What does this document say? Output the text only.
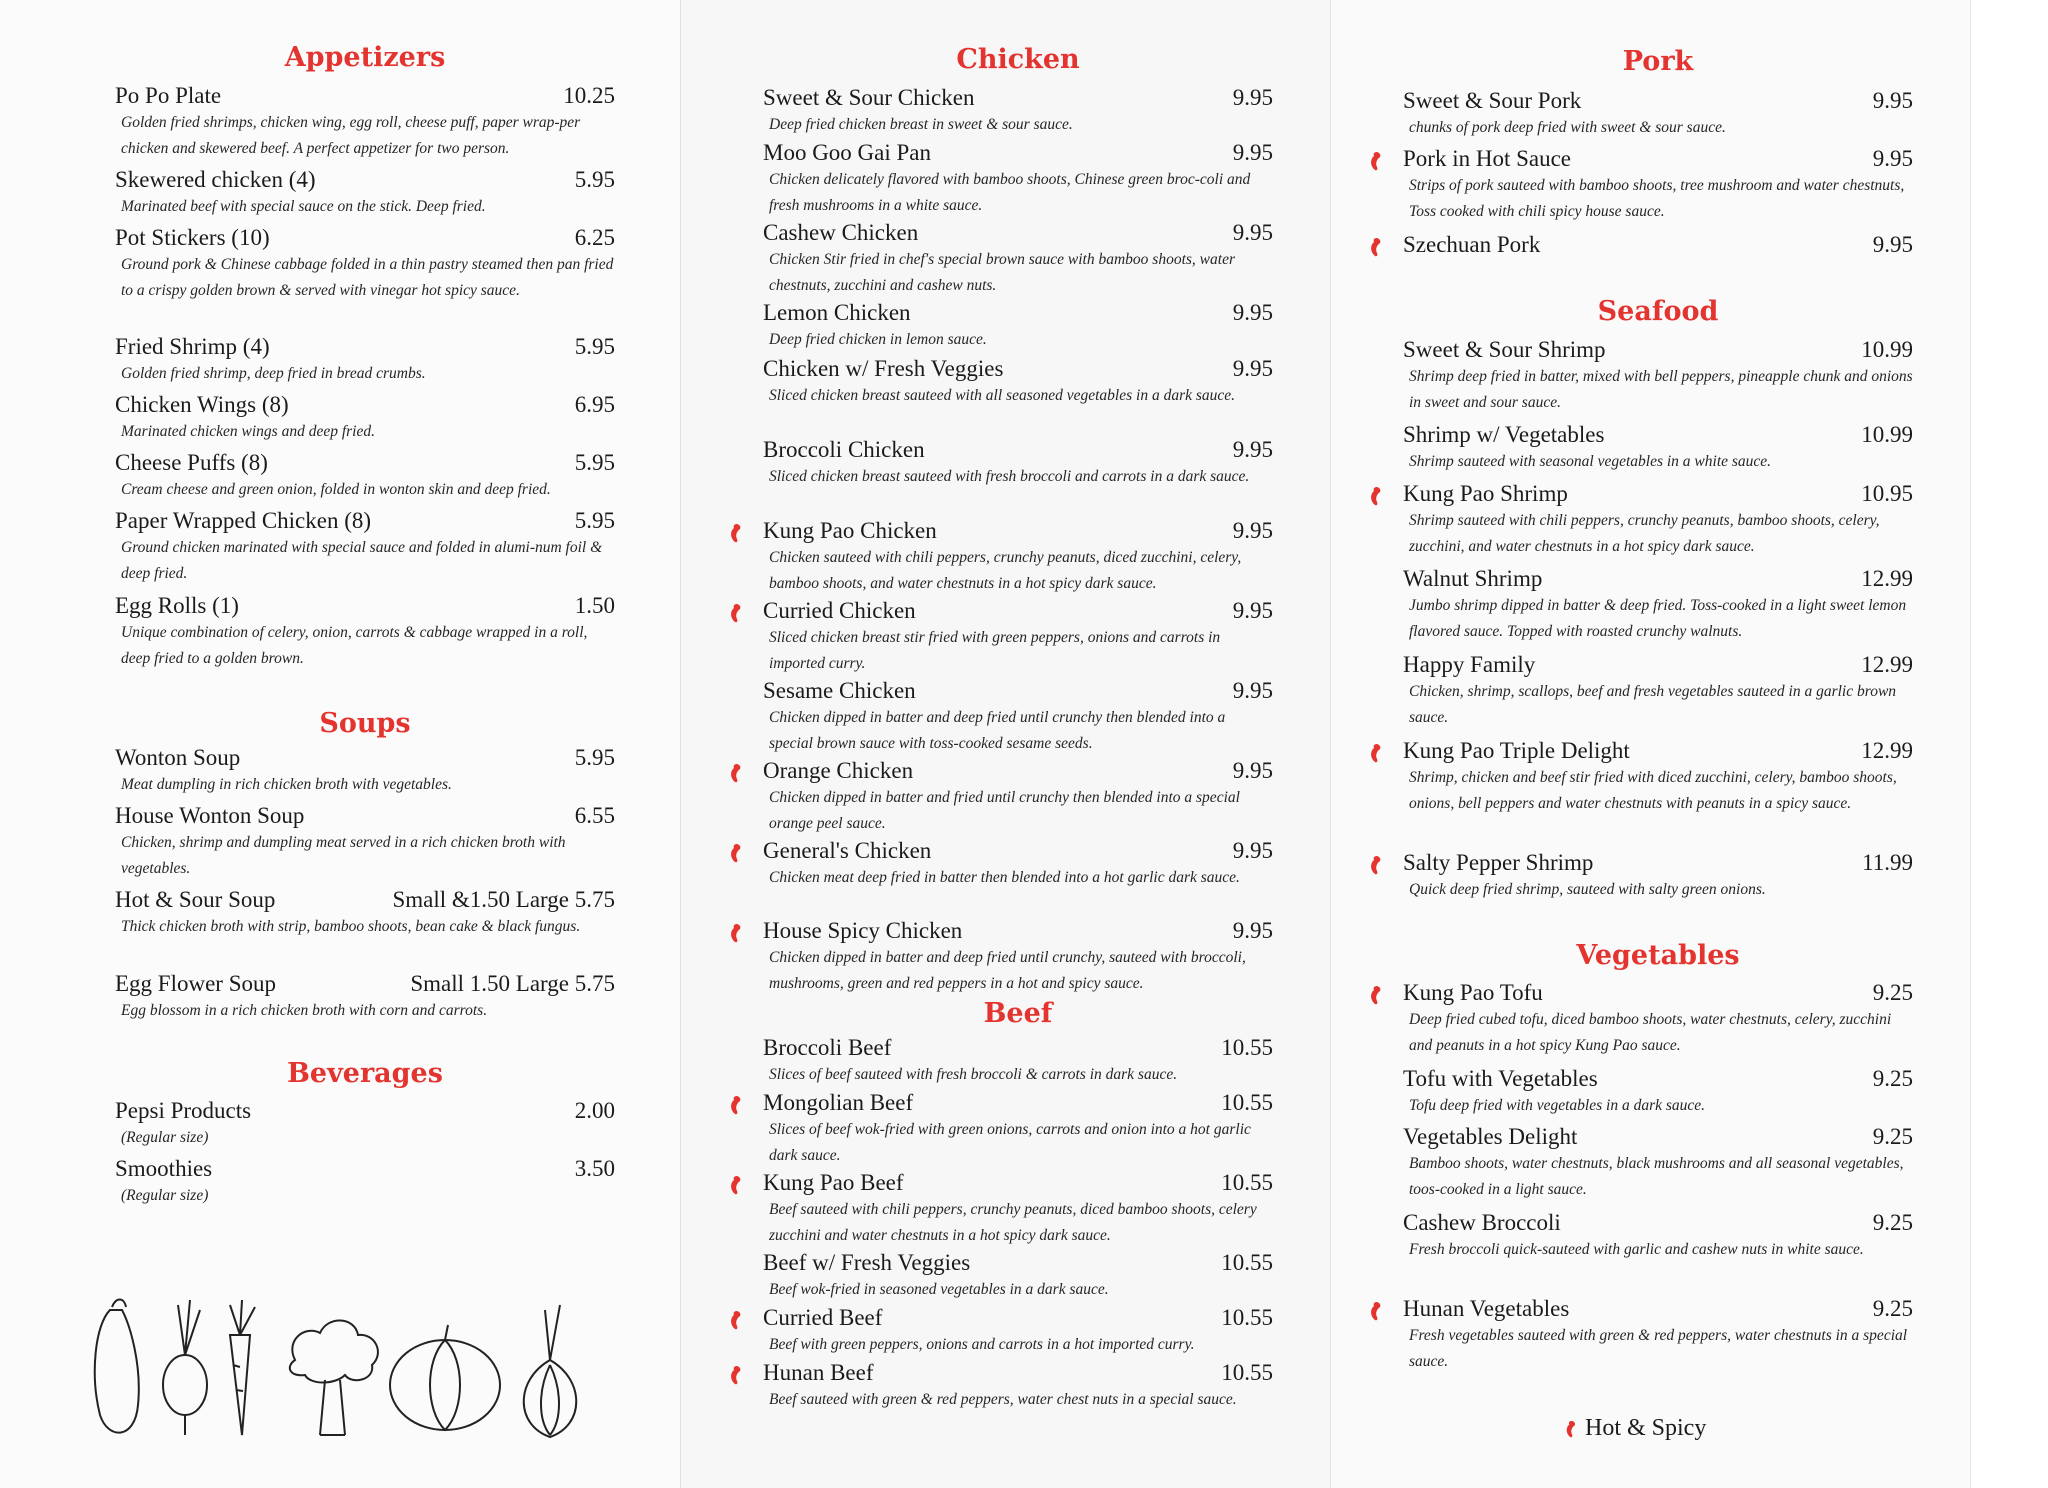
Appetizers
Po Po Plate	10.25
Golden fried shrimps, chicken wing, egg roll, cheese puff, paper wrap-per chicken and skewered beef. A perfect appetizer for two person.
Skewered chicken (4)	5.95
Marinated beef with special sauce on the stick. Deep fried.
Pot Stickers (10)	6.25
Ground pork & Chinese cabbage folded in a thin pastry steamed then pan fried to a crispy golden brown & served with vinegar hot spicy sauce.
Fried Shrimp (4)	5.95
Golden fried shrimp, deep fried in bread crumbs.
Chicken Wings (8)	6.95
Marinated chicken wings and deep fried.
Cheese Puffs (8)	5.95
Cream cheese and green onion, folded in wonton skin and deep fried.
Paper Wrapped Chicken (8)	5.95
Ground chicken marinated with special sauce and folded in alumi-num foil & deep fried.
Egg Rolls (1)	1.50
Unique combination of celery, onion, carrots & cabbage wrapped in a roll, deep fried to a golden brown.
Soups
Wonton Soup	5.95
Meat dumpling in rich chicken broth with vegetables.
House Wonton Soup	6.55
Chicken, shrimp and dumpling meat served in a rich chicken broth with vegetables.
Hot & Sour Soup	Small &1.50 Large 5.75
Thick chicken broth with strip, bamboo shoots, bean cake & black fungus.
Egg Flower Soup	Small 1.50 Large 5.75
Egg blossom in a rich chicken broth with corn and carrots.
Beverages
Pepsi Products	2.00
(Regular size)
Smoothies	3.50
(Regular size)
Chicken
Sweet & Sour Chicken	9.95
Deep fried chicken breast in sweet & sour sauce.
Moo Goo Gai Pan	9.95
Chicken delicately flavored with bamboo shoots, Chinese green broc-coli and fresh mushrooms in a white sauce.
Cashew Chicken	9.95
Chicken Stir fried in chef's special brown sauce with bamboo shoots, water chestnuts, zucchini and cashew nuts.
Lemon Chicken	9.95
Deep fried chicken in lemon sauce.
Chicken w/ Fresh Veggies	9.95
Sliced chicken breast sauteed with all seasoned vegetables in a dark sauce.
Broccoli Chicken	9.95
Sliced chicken breast sauteed with fresh broccoli and carrots in a dark sauce.
Kung Pao Chicken	9.95
Chicken sauteed with chili peppers, crunchy peanuts, diced zucchini, celery, bamboo shoots, and water chestnuts in a hot spicy dark sauce.
Curried Chicken	9.95
Sliced chicken breast stir fried with green peppers, onions and carrots in imported curry.
Sesame Chicken	9.95
Chicken dipped in batter and deep fried until crunchy then blended into a special brown sauce with toss-cooked sesame seeds.
Orange Chicken	9.95
Chicken dipped in batter and fried until crunchy then blended into a special orange peel sauce.
General's Chicken	9.95
Chicken meat deep fried in batter then blended into a hot garlic dark sauce.
House Spicy Chicken	9.95
Chicken dipped in batter and deep fried until crunchy, sauteed with broccoli, mushrooms, green and red peppers in a hot and spicy sauce.
Beef
Broccoli Beef	10.55
Slices of beef sauteed with fresh broccoli & carrots in dark sauce.
Mongolian Beef	10.55
Slices of beef wok-fried with green onions, carrots and onion into a hot garlic dark sauce.
Kung Pao Beef	10.55
Beef sauteed with chili peppers, crunchy peanuts, diced bamboo shoots, celery zucchini and water chestnuts in a hot spicy dark sauce.
Beef w/ Fresh Veggies	10.55
Beef wok-fried in seasoned vegetables in a dark sauce.
Curried Beef	10.55
Beef with green peppers, onions and carrots in a hot imported curry.
Hunan Beef	10.55
Beef sauteed with green & red peppers, water chest nuts in a special sauce.
Pork
Sweet & Sour Pork	9.95
chunks of pork deep fried with sweet & sour sauce.
Pork in Hot Sauce	9.95
Strips of pork sauteed with bamboo shoots, tree mushroom and water chestnuts, Toss cooked with chili spicy house sauce.
Szechuan Pork	9.95
Seafood
Sweet & Sour Shrimp	10.99
Shrimp deep fried in batter, mixed with bell peppers, pineapple chunk and onions in sweet and sour sauce.
Shrimp w/ Vegetables	10.99
Shrimp sauteed with seasonal vegetables in a white sauce.
Kung Pao Shrimp	10.95
Shrimp sauteed with chili peppers, crunchy peanuts, bamboo shoots, celery, zucchini, and water chestnuts in a hot spicy dark sauce.
Walnut Shrimp	12.99
Jumbo shrimp dipped in batter & deep fried. Toss-cooked in a light sweet lemon flavored sauce. Topped with roasted crunchy walnuts.
Happy Family	12.99
Chicken, shrimp, scallops, beef and fresh vegetables sauteed in a garlic brown sauce.
Kung Pao Triple Delight	12.99
Shrimp, chicken and beef stir fried with diced zucchini, celery, bamboo shoots, onions, bell peppers and water chestnuts with peanuts in a spicy sauce.
Salty Pepper Shrimp	11.99
Quick deep fried shrimp, sauteed with salty green onions.
Vegetables
Kung Pao Tofu	9.25
Deep fried cubed tofu, diced bamboo shoots, water chestnuts, celery, zucchini and peanuts in a hot spicy Kung Pao sauce.
Tofu with Vegetables	9.25
Tofu deep fried with vegetables in a dark sauce.
Vegetables Delight	9.25
Bamboo shoots, water chestnuts, black mushrooms and all seasonal vegetables, toos-cooked in a light sauce.
Cashew Broccoli	9.25
Fresh broccoli quick-sauteed with garlic and cashew nuts in white sauce.
Hunan Vegetables	9.25
Fresh vegetables sauteed with green & red peppers, water chestnuts in a special sauce.
Hot & Spicy
